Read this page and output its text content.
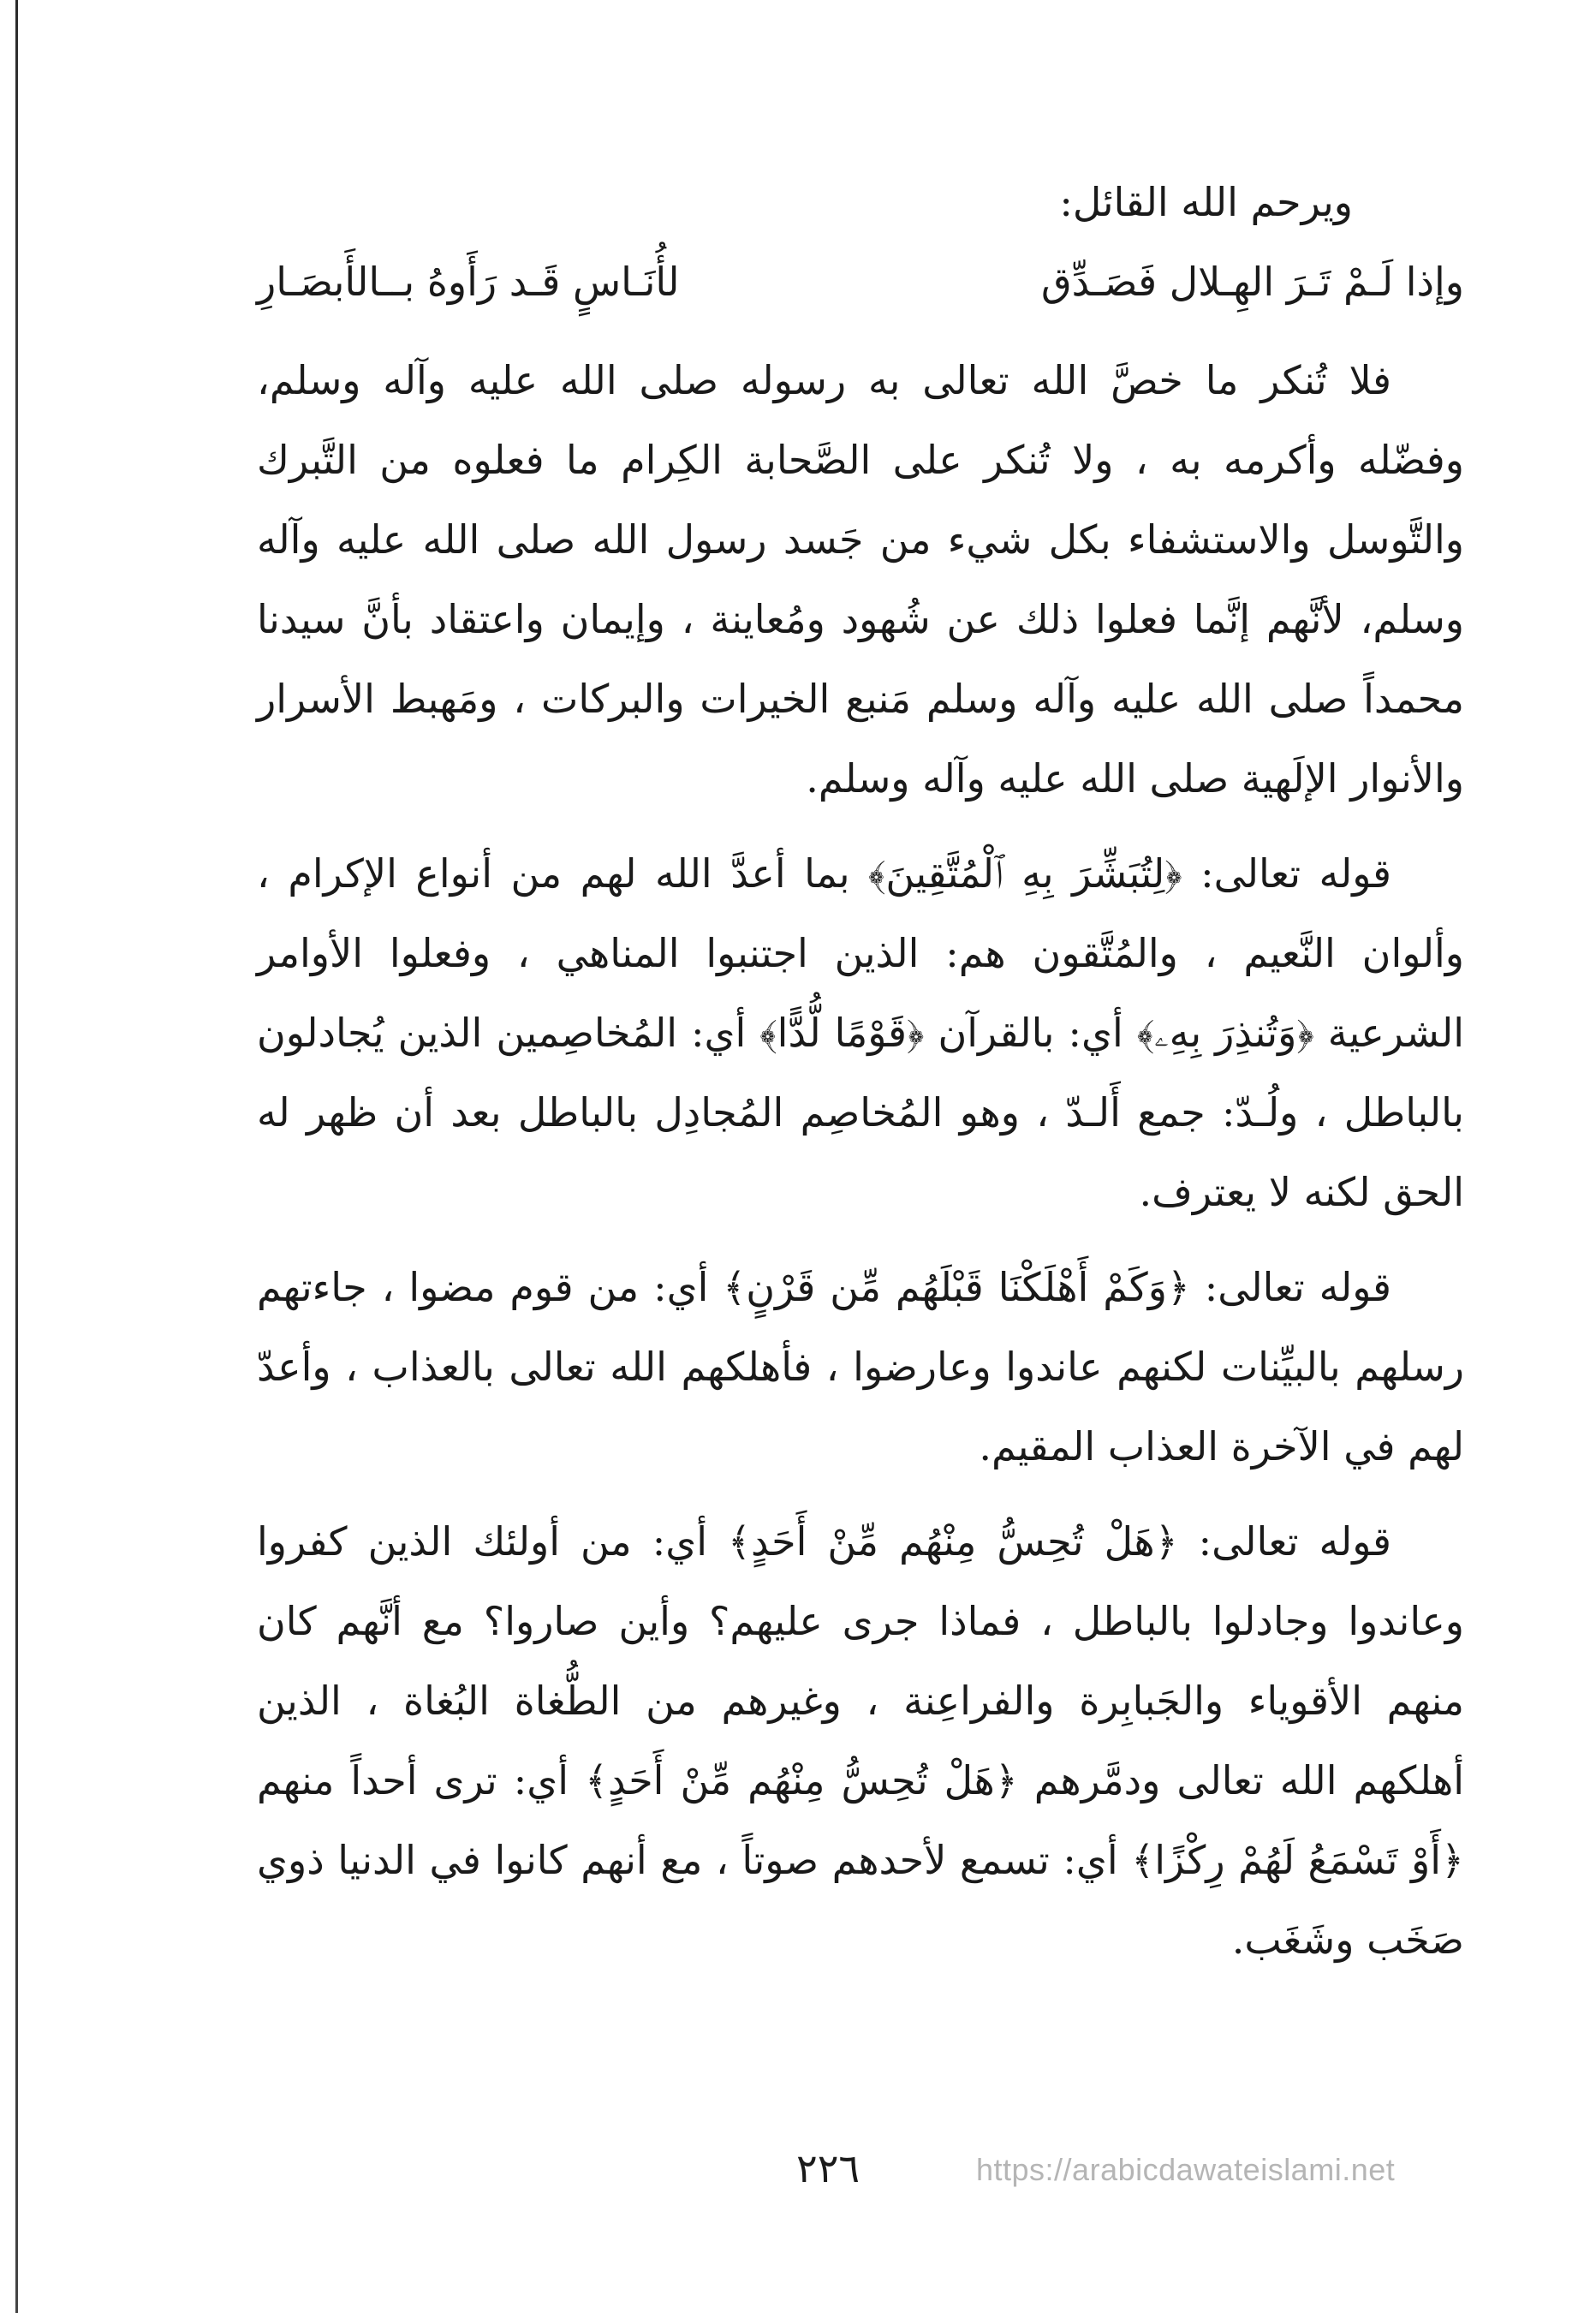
ويرحم الله القائل:

وإذا لَـمْ تَـرَ الهِـلال فَصَـدِّق
لأُنَـاسٍ قَـد رَأَوهُ بــالأَبصَـارِ

فلا تُنكر ما خصَّ الله تعالى به رسوله صلى الله عليه وآله وسلم، وفضّله وأكرمه به ، ولا تُنكر على الصَّحابة الكِرام ما فعلوه من التَّبرك والتَّوسل والاستشفاء بكل شيء من جَسد رسول الله صلى الله عليه وآله وسلم، لأنَّهم إنَّما فعلوا ذلك عن شُهود ومُعاينة ، وإيمان واعتقاد بأنَّ سيدنا محمداً صلى الله عليه وآله وسلم مَنبع الخيرات والبركات ، ومَهبط الأسرار والأنوار الإلَهية صلى الله عليه وآله وسلم.

قوله تعالى: ﴿لِتُبَشِّرَ بِهِ ٱلْمُتَّقِينَ﴾ بما أعدَّ الله لهم من أنواع الإكرام ، وألوان النَّعيم ، والمُتَّقون هم: الذين اجتنبوا المناهي ، وفعلوا الأوامر الشرعية ﴿وَتُنذِرَ بِهِۦ﴾ أي: بالقرآن ﴿قَوْمًا لُّدًّا﴾ أي: المُخاصِمين الذين يُجادلون بالباطل ، ولُـدّ: جمع أَلـدّ ، وهو المُخاصِم المُجادِل بالباطل بعد أن ظهر له الحق لكنه لا يعترف.

قوله تعالى: ﴿وَكَمْ أَهْلَكْنَا قَبْلَهُم مِّن قَرْنٍ﴾ أي: من قوم مضوا ، جاءتهم رسلهم بالبيِّنات لكنهم عاندوا وعارضوا ، فأهلكهم الله تعالى بالعذاب ، وأعدّ لهم في الآخرة العذاب المقيم.

قوله تعالى: ﴿هَلْ تُحِسُّ مِنْهُم مِّنْ أَحَدٍ﴾ أي: من أولئك الذين كفروا وعاندوا وجادلوا بالباطل ، فماذا جرى عليهم؟ وأين صاروا؟ مع أنَّهم كان منهم الأقوياء والجَبابِرة والفراعِنة ، وغيرهم من الطُّغاة البُغاة ، الذين أهلكهم الله تعالى ودمَّرهم ﴿هَلْ تُحِسُّ مِنْهُم مِّنْ أَحَدٍ﴾ أي: ترى أحداً منهم ﴿أَوْ تَسْمَعُ لَهُمْ رِكْزًا﴾ أي: تسمع لأحدهم صوتاً ، مع أنهم كانوا في الدنيا ذوي صَخَب وشَغَب.

٢٢٦	https://arabicdawateislami.net
